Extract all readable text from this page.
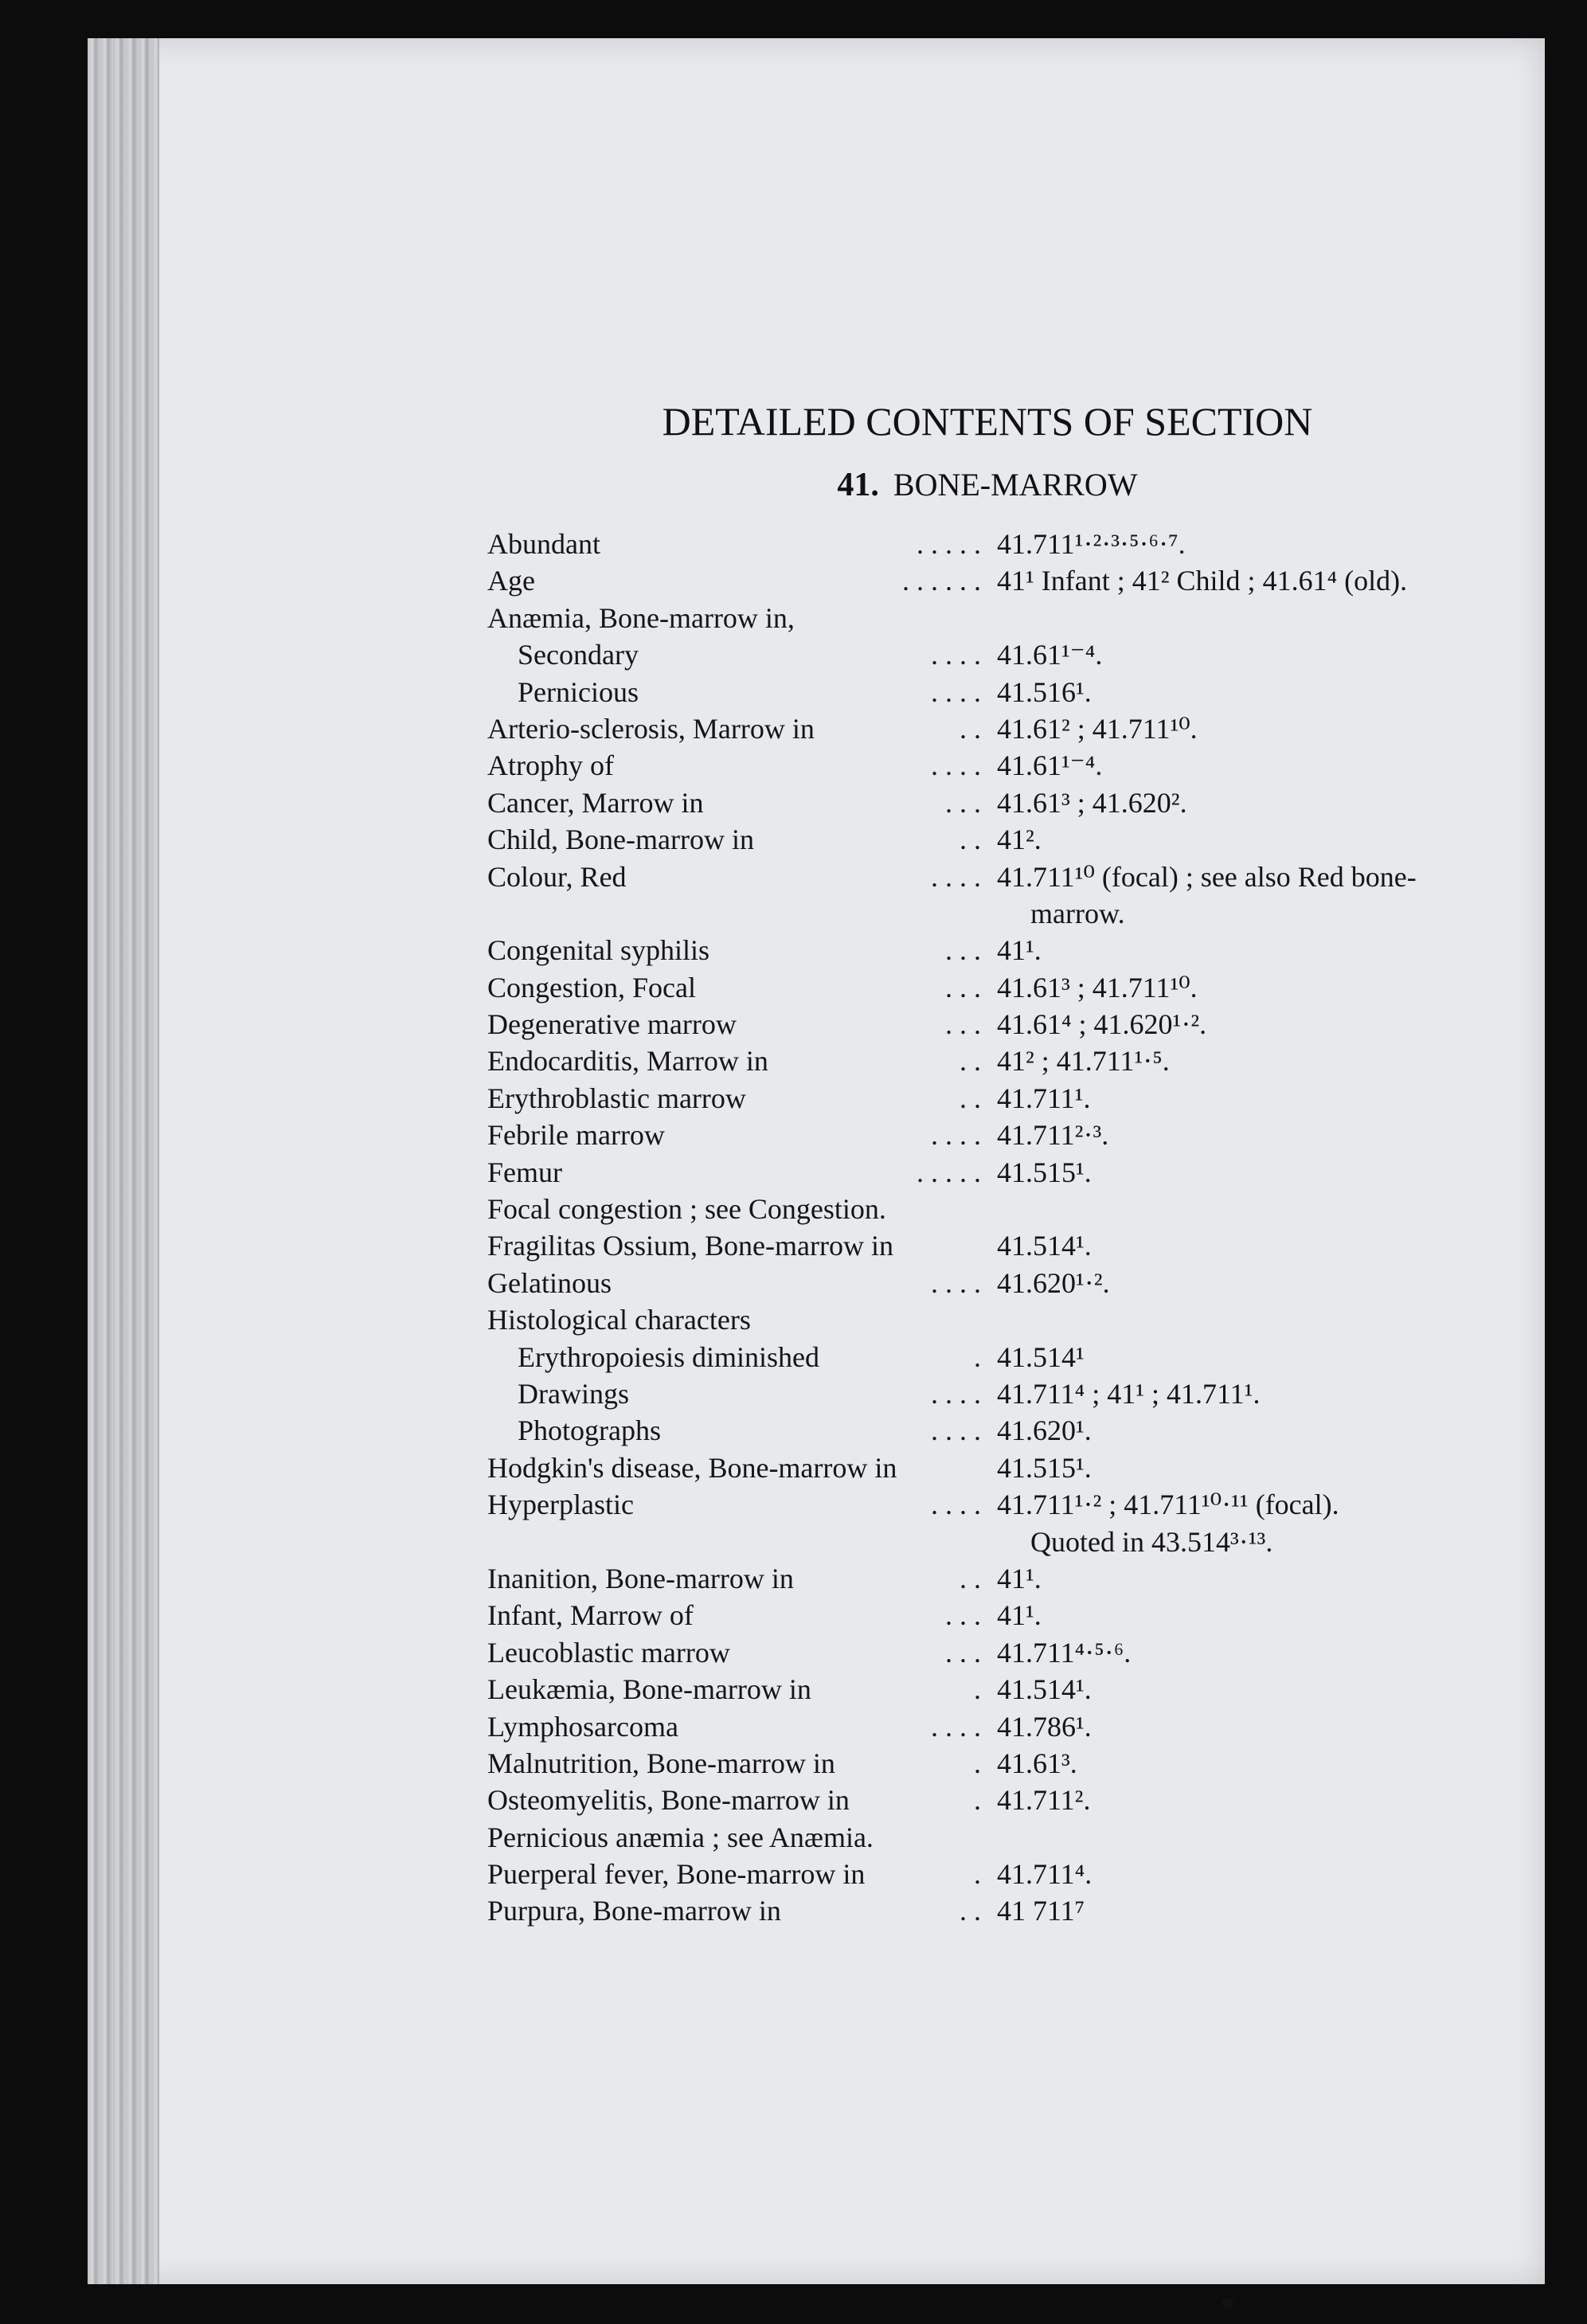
DETAILED CONTENTS OF SECTION
41. BONE-MARROW
Abundant	. . . . . 41.711¹·²·³·⁵·⁶·⁷.
Age	. . . . . . 41¹ Infant ; 41² Child ; 41.61⁴ (old).
Anæmia, Bone-marrow in,
Secondary	. . . . 41.61¹⁻⁴.
Pernicious	. . . . 41.516¹.
Arterio-sclerosis, Marrow in	. . 41.61² ; 41.711¹⁰.
Atrophy of	. . . . 41.61¹⁻⁴.
Cancer, Marrow in	. . . 41.61³ ; 41.620².
Child, Bone-marrow in	. . 41².
Colour, Red	. . . . 41.711¹⁰ (focal) ; see also Red bone-
marrow.
Congenital syphilis	. . . 41¹.
Congestion, Focal	. . . 41.61³ ; 41.711¹⁰.
Degenerative marrow	. . . 41.61⁴ ; 41.620¹·².
Endocarditis, Marrow in	. . 41² ; 41.711¹·⁵.
Erythroblastic marrow	. . 41.711¹.
Febrile marrow	. . . . 41.711²·³.
Femur	. . . . . 41.515¹.
Focal congestion ; see Congestion.
Fragilitas Ossium, Bone-marrow in	41.514¹.
Gelatinous	. . . . 41.620¹·².
Histological characters
Erythropoiesis diminished	. 41.514¹
Drawings	. . . . 41.711⁴ ; 41¹ ; 41.711¹.
Photographs	. . . . 41.620¹.
Hodgkin's disease, Bone-marrow in	41.515¹.
Hyperplastic	. . . . 41.711¹·² ; 41.711¹⁰·¹¹ (focal).
Quoted in 43.514³·¹³.
Inanition, Bone-marrow in	. . 41¹.
Infant, Marrow of	. . . 41¹.
Leucoblastic marrow	. . . 41.711⁴·⁵·⁶.
Leukæmia, Bone-marrow in	. 41.514¹.
Lymphosarcoma	. . . . 41.786¹.
Malnutrition, Bone-marrow in	. 41.61³.
Osteomyelitis, Bone-marrow in	. 41.711².
Pernicious anæmia ; see Anæmia.
Puerperal fever, Bone-marrow in	. 41.711⁴.
Purpura, Bone-marrow in	. . 41 711⁷
